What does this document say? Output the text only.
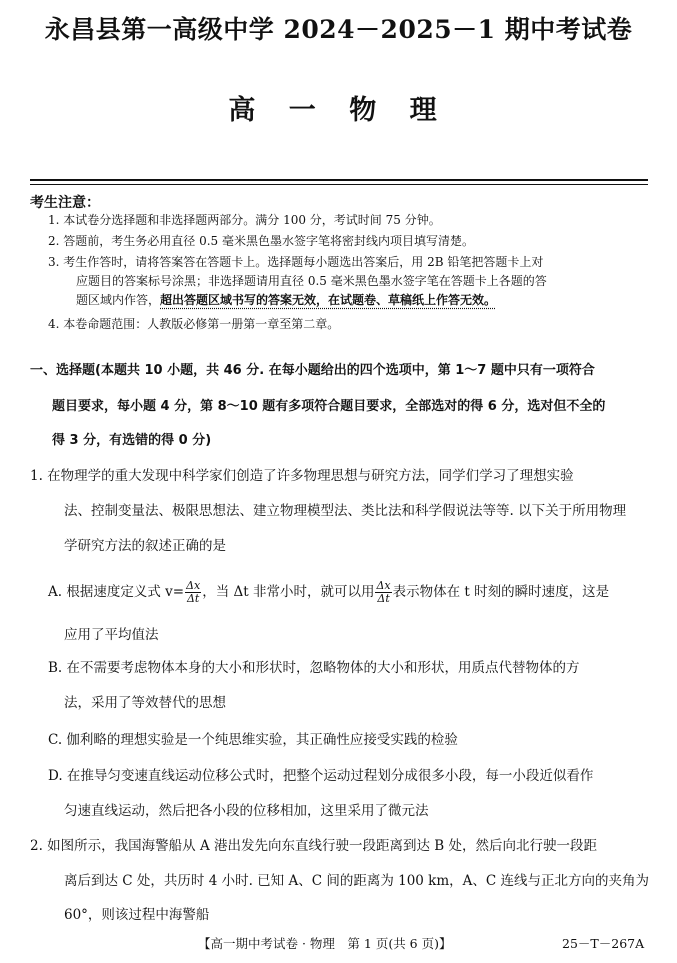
永昌县第一高级中学 2024－2025－1 期中考试卷
高 一 物 理
考生注意：
1. 本试卷分选择题和非选择题两部分。满分 100 分，考试时间 75 分钟。
2. 答题前，考生务必用直径 0.5 毫米黑色墨水签字笔将密封线内项目填写清楚。
3. 考生作答时，请将答案答在答题卡上。选择题每小题选出答案后，用 2B 铅笔把答题卡上对
应题目的答案标号涂黑；非选择题请用直径 0.5 毫米黑色墨水签字笔在答题卡上各题的答
题区域内作答，超出答题区域书写的答案无效，在试题卷、草稿纸上作答无效。
4. 本卷命题范围：人教版必修第一册第一章至第二章。
一、选择题(本题共 10 小题，共 46 分. 在每小题给出的四个选项中，第 1～7 题中只有一项符合
题目要求，每小题 4 分，第 8～10 题有多项符合题目要求，全部选对的得 6 分，选对但不全的
得 3 分，有选错的得 0 分)
1. 在物理学的重大发现中科学家们创造了许多物理思想与研究方法，同学们学习了理想实验
法、控制变量法、极限思想法、建立物理模型法、类比法和科学假说法等等. 以下关于所用物理
学研究方法的叙述正确的是
A. 根据速度定义式 $v= \frac{\Delta x}{\Delta t}$ ，当 Δt 非常小时，就可以用 $\frac{\Delta x}{\Delta t}$ 表示物体在 t 时刻的瞬时速度，这是
应用了平均值法
B. 在不需要考虑物体本身的大小和形状时，忽略物体的大小和形状，用质点代替物体的方
法，采用了等效替代的思想
C. 伽利略的理想实验是一个纯思维实验，其正确性应接受实践的检验
D. 在推导匀变速直线运动位移公式时，把整个运动过程划分成很多小段，每一小段近似看作
匀速直线运动，然后把各小段的位移相加，这里采用了微元法
2. 如图所示，我国海警船从 A 港出发先向东直线行驶一段距离到达 B 处，然后向北行驶一段距
离后到达 C 处，共历时 4 小时. 已知 A、C 间的距离为 100 km，A、C 连线与正北方向的夹角为
60°，则该过程中海警船
【高一期中考试卷 · 物理　第 1 页(共 6 页)】	25－T－267A
